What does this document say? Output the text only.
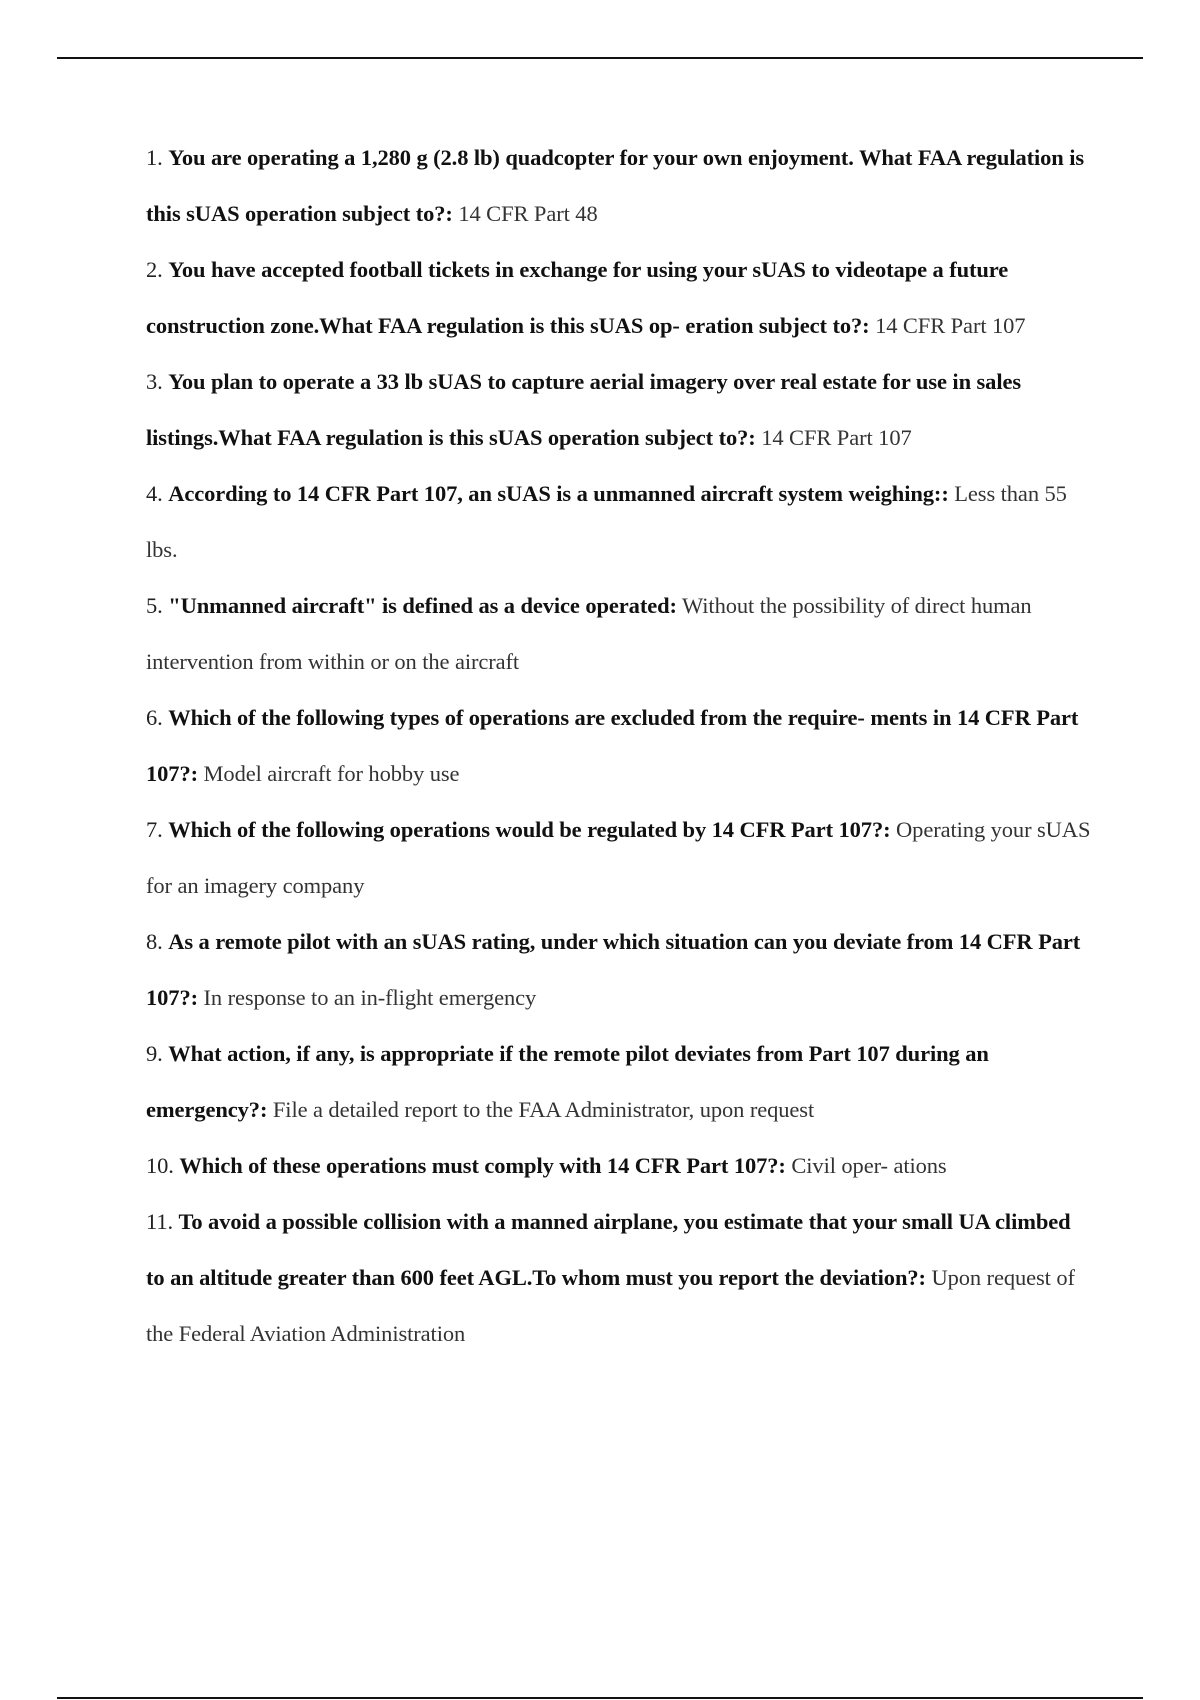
1. You are operating a 1,280 g (2.8 lb) quadcopter for your own enjoyment. What FAA regulation is this sUAS operation subject to?: 14 CFR Part 48

2. You have accepted football tickets in exchange for using your sUAS to videotape a future construction zone.What FAA regulation is this sUAS op- eration subject to?: 14 CFR Part 107

3. You plan to operate a 33 lb sUAS to capture aerial imagery over real estate for use in sales listings.What FAA regulation is this sUAS operation subject to?: 14 CFR Part 107

4. According to 14 CFR Part 107, an sUAS is a unmanned aircraft system weighing:: Less than 55 lbs.

5. "Unmanned aircraft" is defined as a device operated: Without the possibility of direct human intervention from within or on the aircraft

6. Which of the following types of operations are excluded from the require- ments in 14 CFR Part 107?: Model aircraft for hobby use

7. Which of the following operations would be regulated by 14 CFR Part 107?: Operating your sUAS for an imagery company

8. As a remote pilot with an sUAS rating, under which situation can you deviate from 14 CFR Part 107?: In response to an in-flight emergency

9. What action, if any, is appropriate if the remote pilot deviates from Part 107 during an emergency?: File a detailed report to the FAA Administrator, upon request

10. Which of these operations must comply with 14 CFR Part 107?: Civil oper- ations

11. To avoid a possible collision with a manned airplane, you estimate that your small UA climbed to an altitude greater than 600 feet AGL.To whom must you report the deviation?: Upon request of the Federal Aviation Administration
